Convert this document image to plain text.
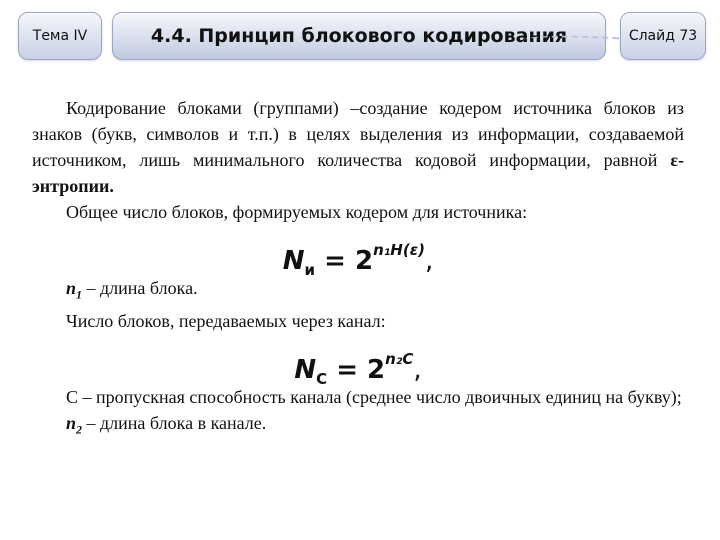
Тема IV	4.4. Принцип блокового кодирования	Слайд 73

Кодирование блоками (группами) –создание кодером источника блоков из знаков (букв, символов и т.п.) в целях выделения из информации, создаваемой источником, лишь минимального количества кодовой информации, равной ε-энтропии.

Общее число блоков, формируемых кодером для источника:

$N_и = 2^{n_1H(\varepsilon)}$,

$n_1$ – длина блока.

Число блоков, передаваемых через канал:

$N_C = 2^{n_2C}$,

С – пропускная способность канала (среднее число двоичных единиц на букву);

$n_2$ – длина блока в канале.
